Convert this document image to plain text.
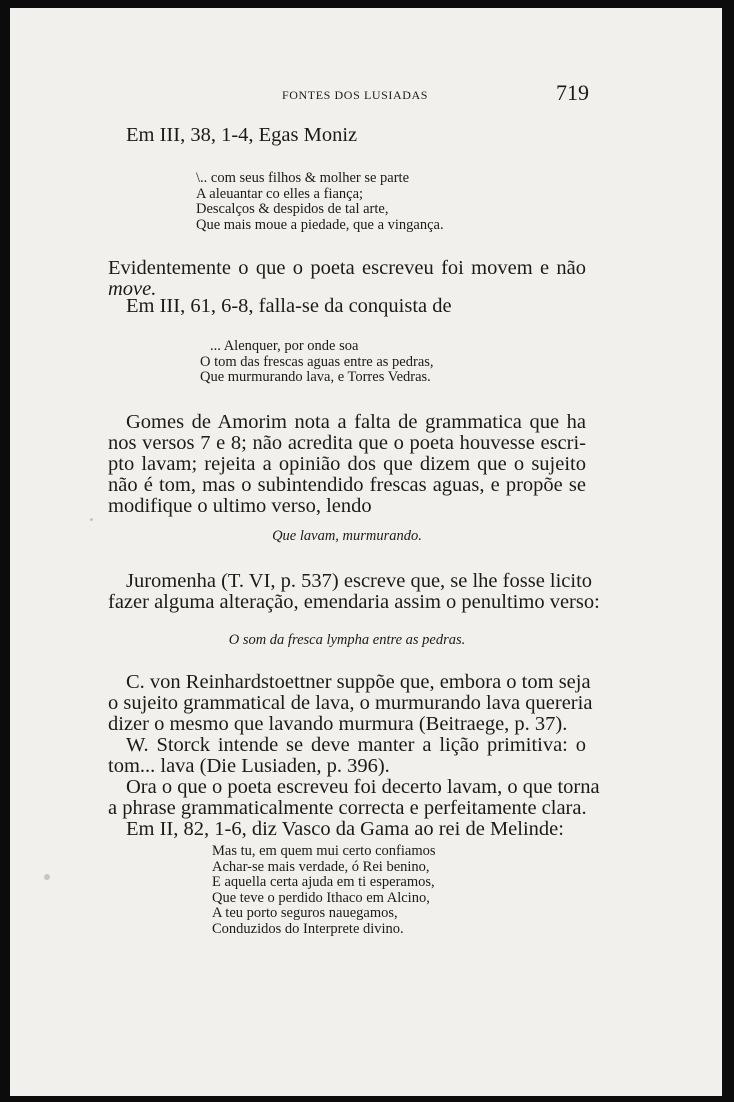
FONTES DOS LUSIADAS	719
Em III, 38, 1-4, Egas Moniz
\.. com seus filhos & molher se parte
A aleuantar co elles a fiança;
Descalços & despidos de tal arte,
Que mais moue a piedade, que a vingança.
Evidentemente o que o poeta escreveu foi movem e não
move.
Em III, 61, 6-8, falla-se da conquista de
... Alenquer, por onde soa
O tom das frescas aguas entre as pedras,
Que murmurando lava, e Torres Vedras.
Gomes de Amorim nota a falta de grammatica que ha
nos versos 7 e 8; não acredita que o poeta houvesse escri-
pto lavam; rejeita a opinião dos que dizem que o sujeito
não é tom, mas o subintendido frescas aguas, e propõe se
modifique o ultimo verso, lendo
Que lavam, murmurando.
Juromenha (T. VI, p. 537) escreve que, se lhe fosse licito
fazer alguma alteração, emendaria assim o penultimo verso:
O som da fresca lympha entre as pedras.
C. von Reinhardstoettner suppõe que, embora o tom seja
o sujeito grammatical de lava, o murmurando lava quereria
dizer o mesmo que lavando murmura (Beitraege, p. 37).
W. Storck intende se deve manter a lição primitiva: o
tom... lava (Die Lusiaden, p. 396).
Ora o que o poeta escreveu foi decerto lavam, o que torna
a phrase grammaticalmente correcta e perfeitamente clara.
Em II, 82, 1-6, diz Vasco da Gama ao rei de Melinde:
Mas tu, em quem mui certo confiamos
Achar-se mais verdade, ó Rei benino,
E aquella certa ajuda em ti esperamos,
Que teve o perdido Ithaco em Alcino,
A teu porto seguros nauegamos,
Conduzidos do Interprete divino.
